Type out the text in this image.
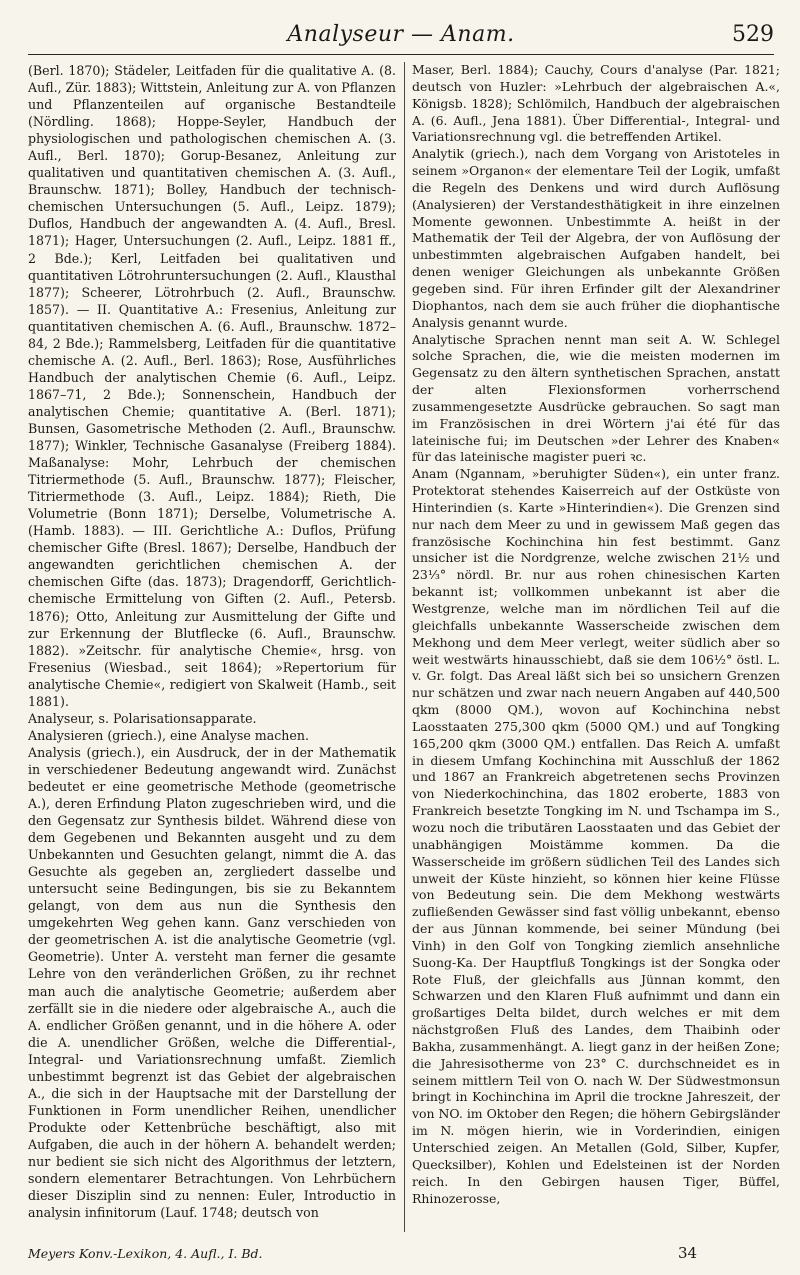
Analyseur — Anam.	529

(Berl. 1870); Städeler, Leitfaden für die qualitative A. (8. Aufl., Zür. 1883); Wittstein, Anleitung zur A. von Pflanzen und Pflanzenteilen auf organische Bestandteile (Nördling. 1868); Hoppe-Seyler, Handbuch der physiologischen und pathologischen chemischen A. (3. Aufl., Berl. 1870); Gorup-Besanez, Anleitung zur qualitativen und quantitativen chemischen A. (3. Aufl., Braunschw. 1871); Bolley, Handbuch der technisch-chemischen Untersuchungen (5. Aufl., Leipz. 1879); Duflos, Handbuch der angewandten A. (4. Aufl., Bresl. 1871); Hager, Untersuchungen (2. Aufl., Leipz. 1881 ff., 2 Bde.); Kerl, Leitfaden bei qualitativen und quantitativen Lötrohruntersuchungen (2. Aufl., Klausthal 1877); Scheerer, Lötrohrbuch (2. Aufl., Braunschw. 1857). — II. Quantitative A.: Fresenius, Anleitung zur quantitativen chemischen A. (6. Aufl., Braunschw. 1872–84, 2 Bde.); Rammelsberg, Leitfaden für die quantitative chemische A. (2. Aufl., Berl. 1863); Rose, Ausführliches Handbuch der analytischen Chemie (6. Aufl., Leipz. 1867–71, 2 Bde.); Sonnenschein, Handbuch der analytischen Chemie; quantitative A. (Berl. 1871); Bunsen, Gasometrische Methoden (2. Aufl., Braunschw. 1877); Winkler, Technische Gasanalyse (Freiberg 1884). Maßanalyse: Mohr, Lehrbuch der chemischen Titriermethode (5. Aufl., Braunschw. 1877); Fleischer, Titriermethode (3. Aufl., Leipz. 1884); Rieth, Die Volumetrie (Bonn 1871); Derselbe, Volumetrische A. (Hamb. 1883). — III. Gerichtliche A.: Duflos, Prüfung chemischer Gifte (Bresl. 1867); Derselbe, Handbuch der angewandten gerichtlichen chemischen A. der chemischen Gifte (das. 1873); Dragendorff, Gerichtlich-chemische Ermittelung von Giften (2. Aufl., Petersb. 1876); Otto, Anleitung zur Ausmittelung der Gifte und zur Erkennung der Blutflecke (6. Aufl., Braunschw. 1882). »Zeitschr. für analytische Chemie«, hrsg. von Fresenius (Wiesbad., seit 1864); »Repertorium für analytische Chemie«, redigiert von Skalweit (Hamb., seit 1881).

Analyseur, s. Polarisationsapparate.

Analysieren (griech.), eine Analyse machen.

Analysis (griech.), ein Ausdruck, der in der Mathematik in verschiedener Bedeutung angewandt wird. Zunächst bedeutet er eine geometrische Methode (geometrische A.), deren Erfindung Platon zugeschrieben wird, und die den Gegensatz zur Synthesis bildet. Während diese von dem Gegebenen und Bekannten ausgeht und zu dem Unbekannten und Gesuchten gelangt, nimmt die A. das Gesuchte als gegeben an, zergliedert dasselbe und untersucht seine Bedingungen, bis sie zu Bekanntem gelangt, von dem aus nun die Synthesis den umgekehrten Weg gehen kann. Ganz verschieden von der geometrischen A. ist die analytische Geometrie (vgl. Geometrie). Unter A. versteht man ferner die gesamte Lehre von den veränderlichen Größen, zu ihr rechnet man auch die analytische Geometrie; außerdem aber zerfällt sie in die niedere oder algebraische A., auch die A. endlicher Größen genannt, und in die höhere A. oder die A. unendlicher Größen, welche die Differential-, Integral- und Variationsrechnung umfaßt. Ziemlich unbestimmt begrenzt ist das Gebiet der algebraischen A., die sich in der Hauptsache mit der Darstellung der Funktionen in Form unendlicher Reihen, unendlicher Produkte oder Kettenbrüche beschäftigt, also mit Aufgaben, die auch in der höhern A. behandelt werden; nur bedient sie sich nicht des Algorithmus der letztern, sondern elementarer Betrachtungen. Von Lehrbüchern dieser Disziplin sind zu nennen: Euler, Introductio in analysin infinitorum (Lauf. 1748; deutsch von

Maser, Berl. 1884); Cauchy, Cours d'analyse (Par. 1821; deutsch von Huzler: »Lehrbuch der algebraischen A.«, Königsb. 1828); Schlömilch, Handbuch der algebraischen A. (6. Aufl., Jena 1881). Über Differential-, Integral- und Variationsrechnung vgl. die betreffenden Artikel.

Analytik (griech.), nach dem Vorgang von Aristoteles in seinem »Organon« der elementare Teil der Logik, umfaßt die Regeln des Denkens und wird durch Auflösung (Analysieren) der Verstandesthätigkeit in ihre einzelnen Momente gewonnen. Unbestimmte A. heißt in der Mathematik der Teil der Algebra, der von Auflösung der unbestimmten algebraischen Aufgaben handelt, bei denen weniger Gleichungen als unbekannte Größen gegeben sind. Für ihren Erfinder gilt der Alexandriner Diophantos, nach dem sie auch früher die diophantische Analysis genannt wurde.

Analytische Sprachen nennt man seit A. W. Schlegel solche Sprachen, die, wie die meisten modernen im Gegensatz zu den ältern synthetischen Sprachen, anstatt der alten Flexionsformen vorherrschend zusammengesetzte Ausdrücke gebrauchen. So sagt man im Französischen in drei Wörtern j'ai été für das lateinische fui; im Deutschen »der Lehrer des Knaben« für das lateinische magister pueri ꝛc.

Anam (Ngannam, »beruhigter Süden«), ein unter franz. Protektorat stehendes Kaiserreich auf der Ostküste von Hinterindien (s. Karte »Hinterindien«). Die Grenzen sind nur nach dem Meer zu und in gewissem Maß gegen das französische Kochinchina hin fest bestimmt. Ganz unsicher ist die Nordgrenze, welche zwischen 21½ und 23⅓° nördl. Br. nur aus rohen chinesischen Karten bekannt ist; vollkommen unbekannt ist aber die Westgrenze, welche man im nördlichen Teil auf die gleichfalls unbekannte Wasserscheide zwischen dem Mekhong und dem Meer verlegt, weiter südlich aber so weit westwärts hinausschiebt, daß sie dem 106½° östl. L. v. Gr. folgt. Das Areal läßt sich bei so unsichern Grenzen nur schätzen und zwar nach neuern Angaben auf 440,500 qkm (8000 QM.), wovon auf Kochinchina nebst Laosstaaten 275,300 qkm (5000 QM.) und auf Tongking 165,200 qkm (3000 QM.) entfallen. Das Reich A. umfaßt in diesem Umfang Kochinchina mit Ausschluß der 1862 und 1867 an Frankreich abgetretenen sechs Provinzen von Niederkochinchina, das 1802 eroberte, 1883 von Frankreich besetzte Tongking im N. und Tschampa im S., wozu noch die tributären Laosstaaten und das Gebiet der unabhängigen Moistämme kommen. Da die Wasserscheide im größern südlichen Teil des Landes sich unweit der Küste hinzieht, so können hier keine Flüsse von Bedeutung sein. Die dem Mekhong westwärts zufließenden Gewässer sind fast völlig unbekannt, ebenso der aus Jünnan kommende, bei seiner Mündung (bei Vinh) in den Golf von Tongking ziemlich ansehnliche Suong-Ka. Der Hauptfluß Tongkings ist der Songka oder Rote Fluß, der gleichfalls aus Jünnan kommt, den Schwarzen und den Klaren Fluß aufnimmt und dann ein großartiges Delta bildet, durch welches er mit dem nächstgroßen Fluß des Landes, dem Thaibinh oder Bakha, zusammenhängt. A. liegt ganz in der heißen Zone; die Jahresisotherme von 23° C. durchschneidet es in seinem mittlern Teil von O. nach W. Der Südwestmonsun bringt in Kochinchina im April die trockne Jahreszeit, der von NO. im Oktober den Regen; die höhern Gebirgsländer im N. mögen hierin, wie in Vorderindien, einigen Unterschied zeigen. An Metallen (Gold, Silber, Kupfer, Quecksilber), Kohlen und Edelsteinen ist der Norden reich. In den Gebirgen hausen Tiger, Büffel, Rhinozerosse,

Meyers Konv.-Lexikon, 4. Aufl., I. Bd.	34
